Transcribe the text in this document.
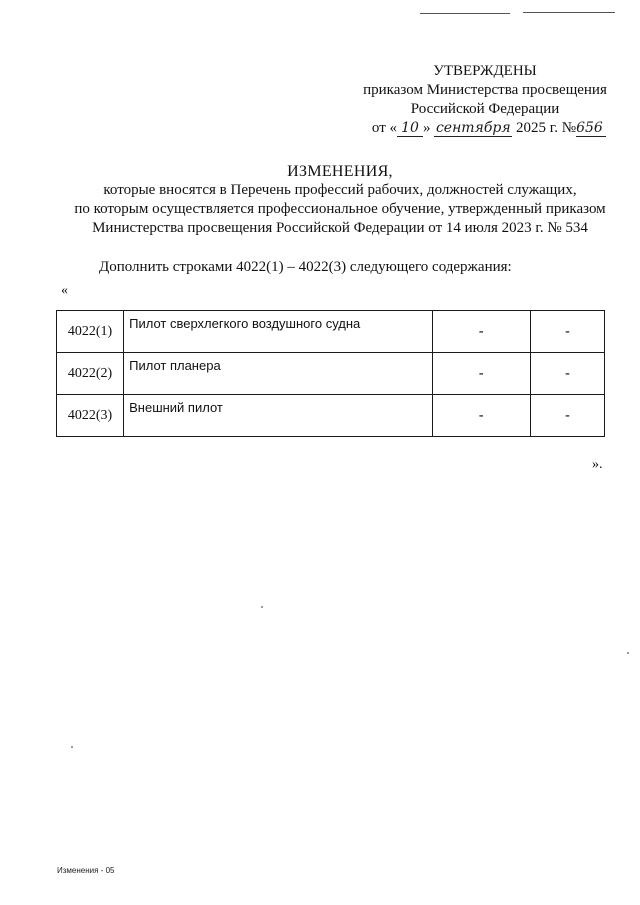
УТВЕРЖДЕНЫ
приказом Министерства просвещения
Российской Федерации
от « 10 » сентября 2025 г. №656
ИЗМЕНЕНИЯ,
которые вносятся в Перечень профессий рабочих, должностей служащих,
по которым осуществляется профессиональное обучение, утвержденный приказом
Министерства просвещения Российской Федерации от 14 июля 2023 г. № 534
Дополнить строками 4022(1) – 4022(3) следующего содержания:
«
4022(1)	Пилот сверхлегкого воздушного судна	-	-
4022(2)	Пилот планера	-	-
4022(3)	Внешний пилот	-	-
».
Изменения - 05
